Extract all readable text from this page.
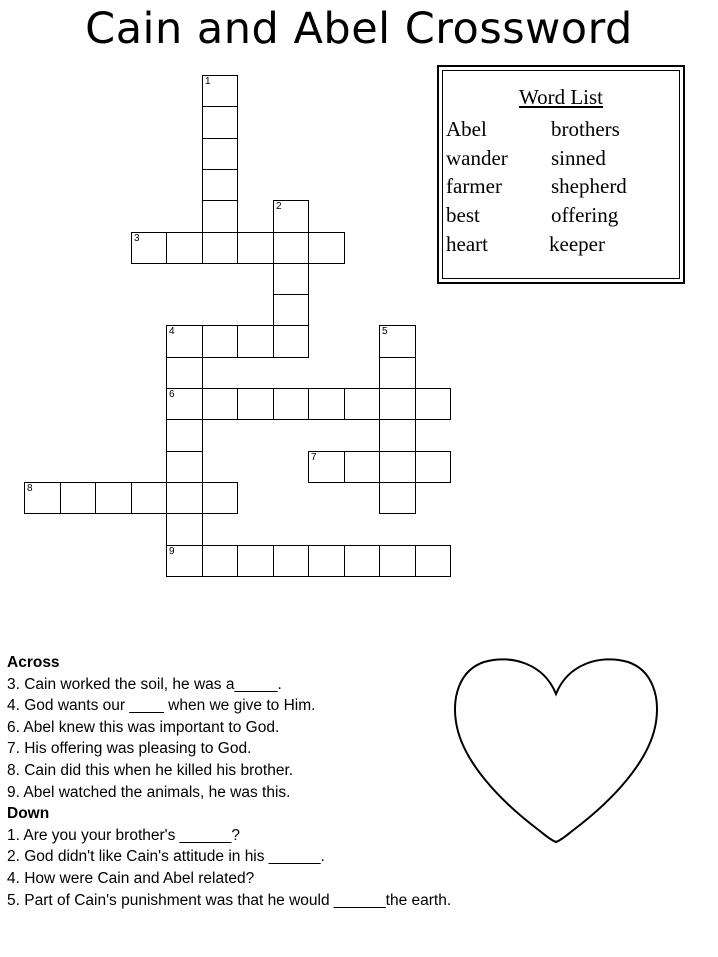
Cain and Abel Crossword
3
4
6
7
8
9
1
2
5
Word List
Abel	brothers
wander sinned
farmer shepherd
best	offering
heart	keeper
Across
3. Cain worked the soil, he was a_____.
4. God wants our ____ when we give to Him.
6. Abel knew this was important to God.
7. His offering was pleasing to God.
8. Cain did this when he killed his brother.
9. Abel watched the animals, he was this.
Down
1. Are you your brother's ______?
2. God didn't like Cain's attitude in his ______.
4. How were Cain and Abel related?
5. Part of Cain's punishment was that he would ______the earth.
